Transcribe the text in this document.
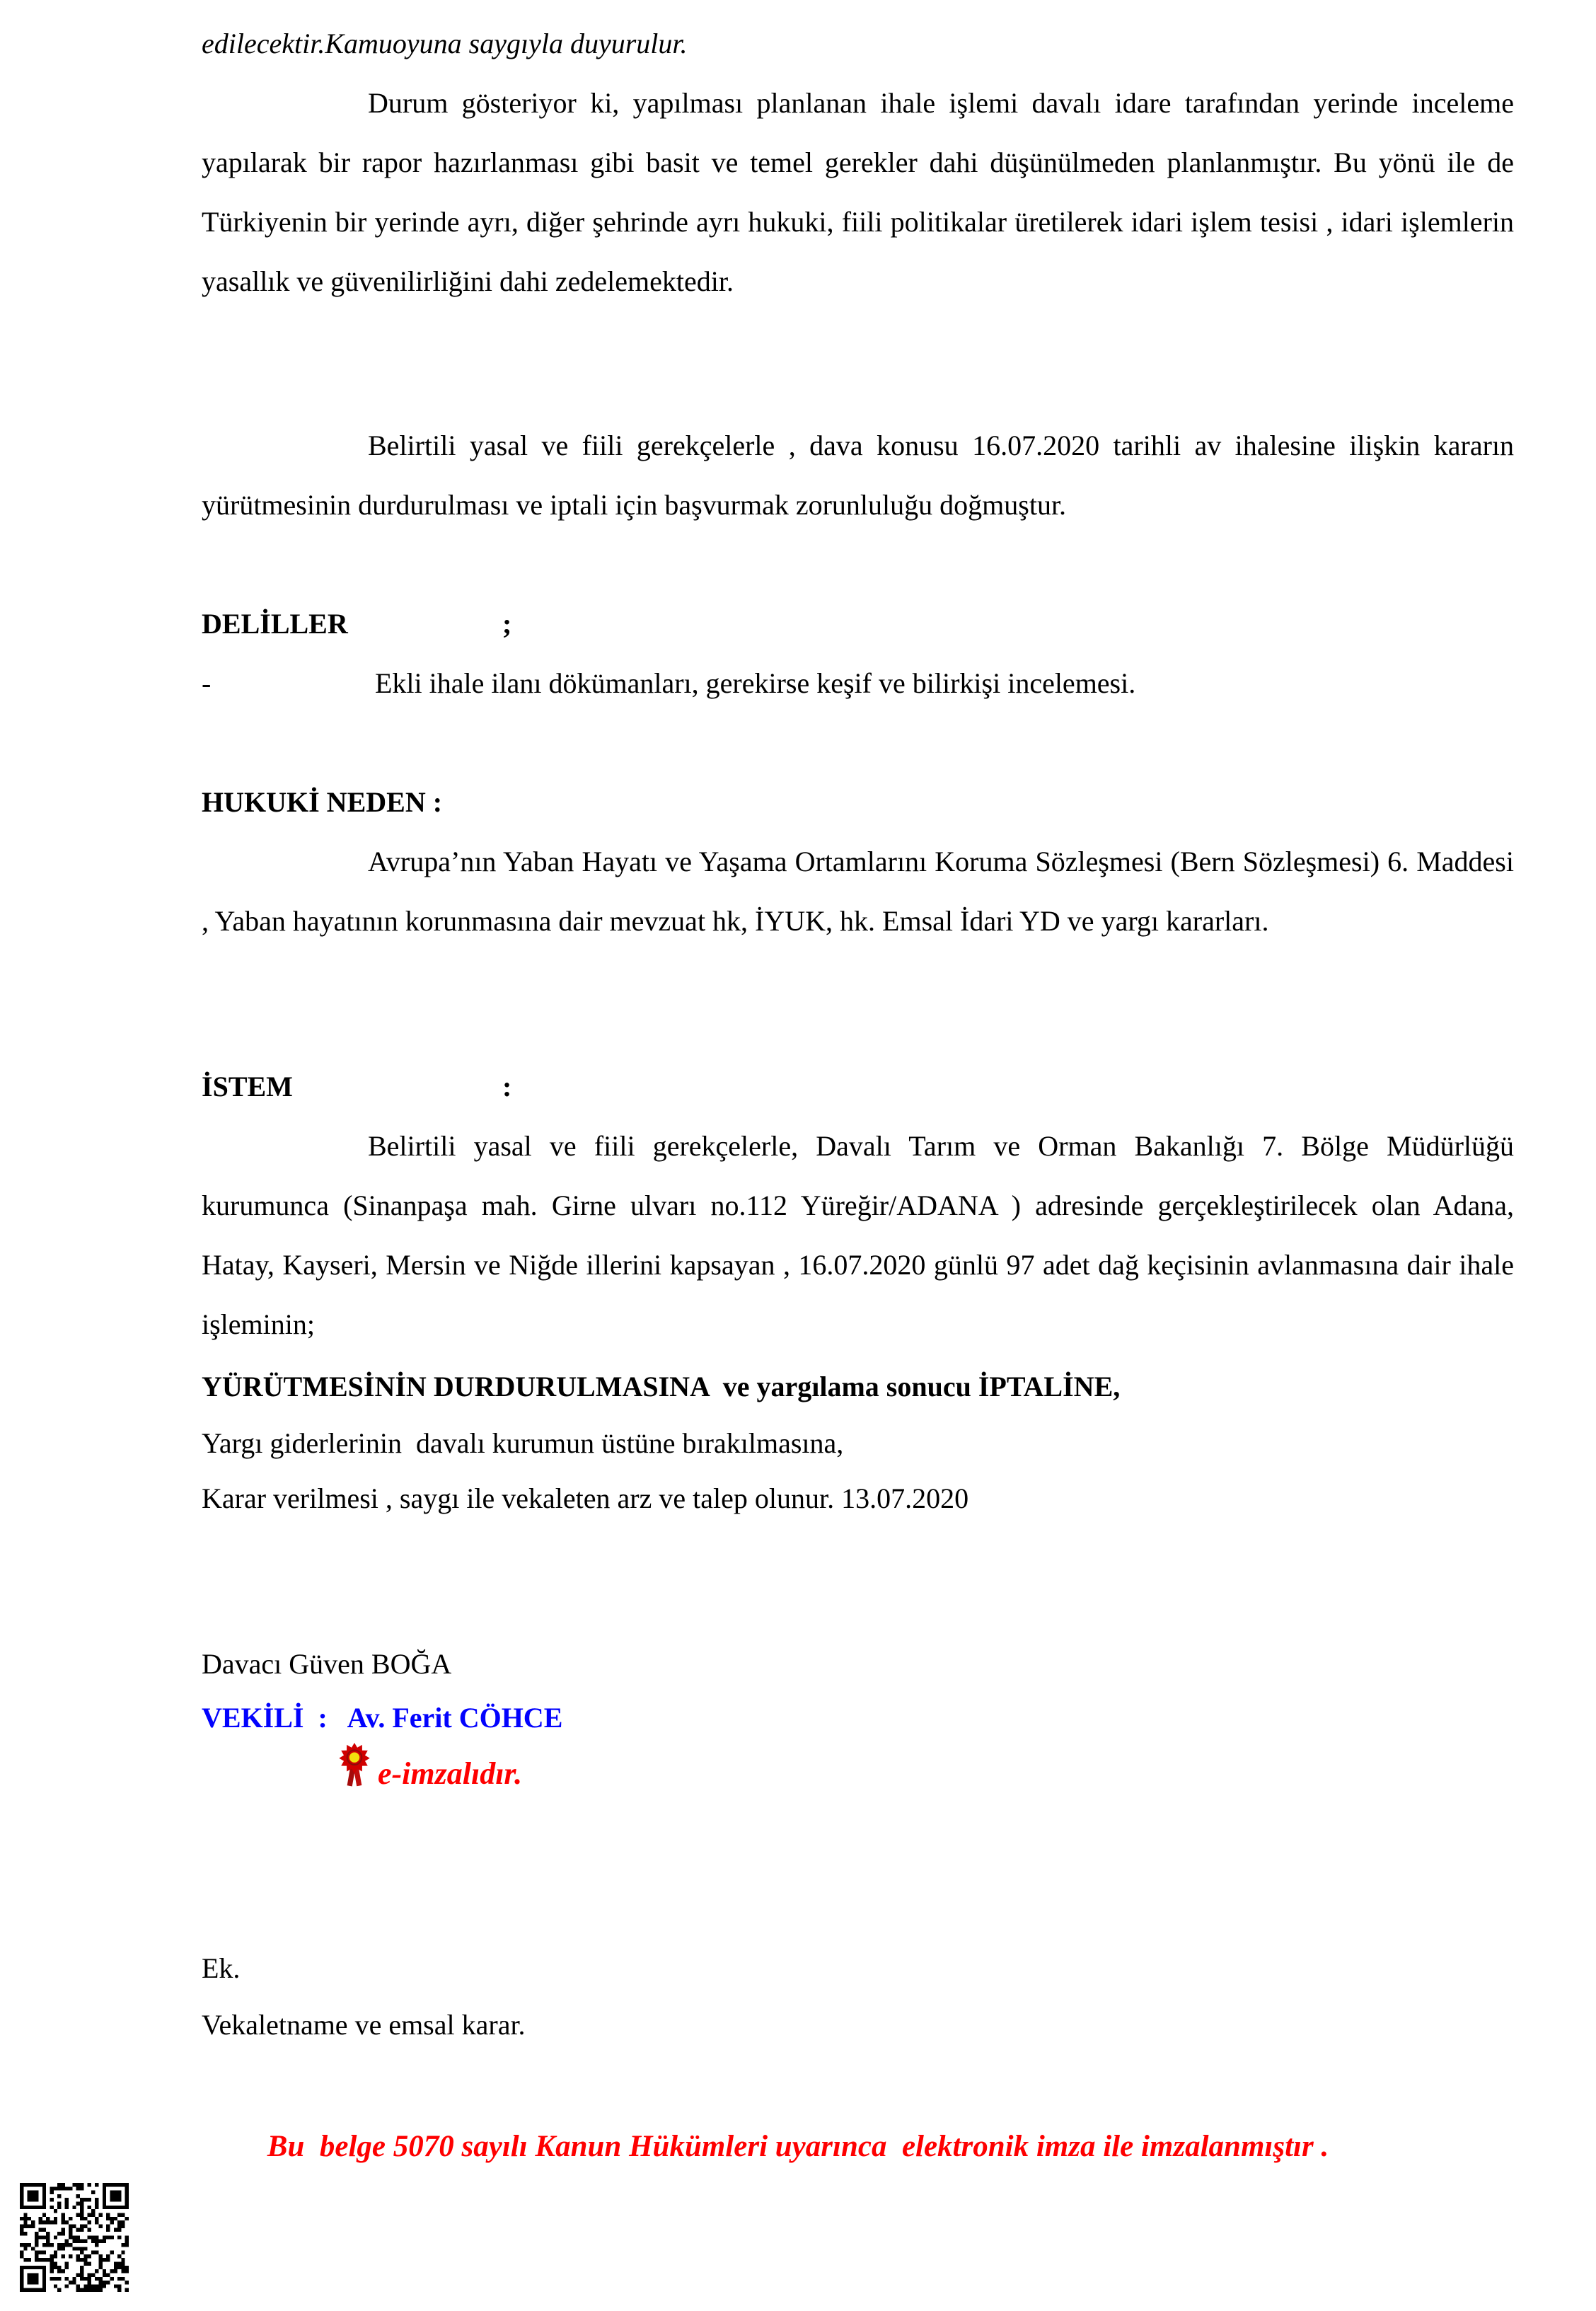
edilecektir.Kamuoyuna saygıyla duyurulur.
Durum gösteriyor ki, yapılması planlanan ihale işlemi davalı idare tarafından yerinde inceleme yapılarak bir rapor hazırlanması gibi basit ve temel gerekler dahi düşünülmeden planlanmıştır. Bu yönü ile de Türkiyenin bir yerinde ayrı, diğer şehrinde ayrı hukuki, fiili politikalar üretilerek idari işlem tesisi , idari işlemlerin yasallık ve güvenilirliğini dahi zedelemektedir.
Belirtili yasal ve fiili gerekçelerle , dava konusu 16.07.2020 tarihli av ihalesine ilişkin kararın yürütmesinin durdurulması ve iptali için başvurmak zorunluluğu doğmuştur.
DELİLLER	;
-	Ekli ihale ilanı dökümanları, gerekirse keşif ve bilirkişi incelemesi.
HUKUKİ NEDEN :
Avrupa’nın Yaban Hayatı ve Yaşama Ortamlarını Koruma Sözleşmesi (Bern Sözleşmesi) 6. Maddesi , Yaban hayatının korunmasına dair mevzuat hk, İYUK, hk. Emsal İdari YD ve yargı kararları.
İSTEM	:
Belirtili yasal ve fiili gerekçelerle, Davalı Tarım ve Orman Bakanlığı 7. Bölge Müdürlüğü kurumunca (Sinanpaşa mah. Girne ulvarı no.112 Yüreğir/ADANA ) adresinde gerçekleştirilecek olan Adana, Hatay, Kayseri, Mersin ve Niğde illerini kapsayan , 16.07.2020 günlü 97 adet dağ keçisinin avlanmasına dair ihale işleminin;
YÜRÜTMESİNİN DURDURULMASINA  ve yargılama sonucu İPTALİNE,
Yargı giderlerinin  davalı kurumun üstüne bırakılmasına,
Karar verilmesi , saygı ile vekaleten arz ve talep olunur. 13.07.2020
Davacı Güven BOĞA
VEKİLİ  :   Av. Ferit CÖHCE
e-imzalıdır.
Ek.
Vekaletname ve emsal karar.
Bu  belge 5070 sayılı Kanun Hükümleri uyarınca  elektronik imza ile imzalanmıştır .
